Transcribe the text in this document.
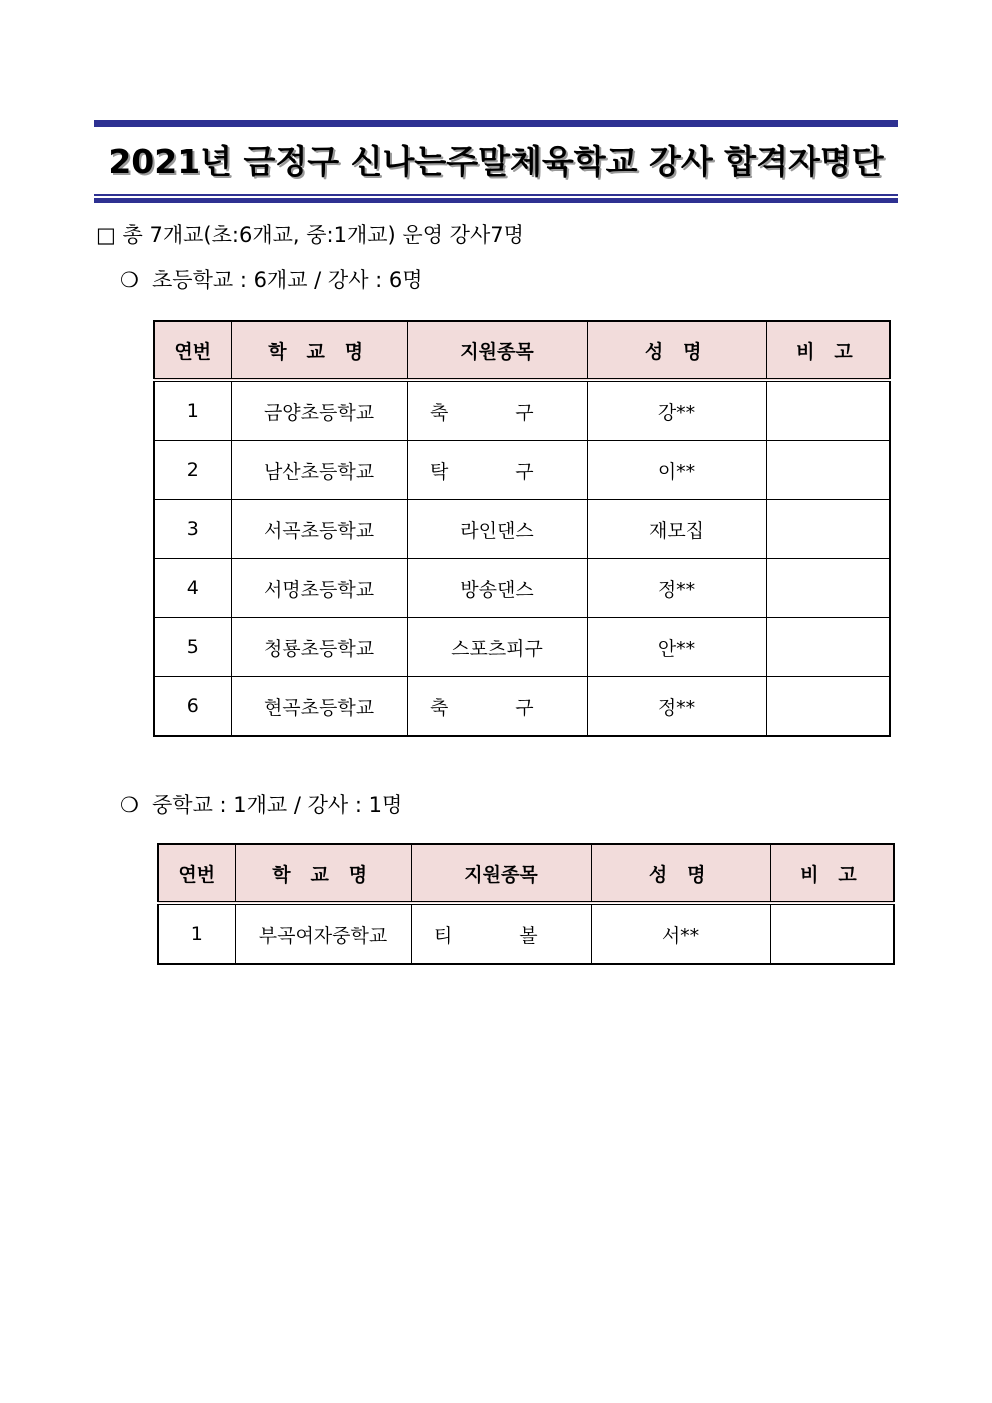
2021년 금정구 신나는주말체육학교 강사 합격자명단
□ 총 7개교(초:6개교, 중:1개교) 운영 강사7명
❍ 초등학교 : 6개교 / 강사 : 6명
연번	학 교 명	지원종목	성 명	비 고
1	금양초등학교	축 구	강**	
2	남산초등학교	탁 구	이**	
3	서곡초등학교	라인댄스	재모집	
4	서명초등학교	방송댄스	정**	
5	청룡초등학교	스포츠피구	안**	
6	현곡초등학교	축 구	정**	
❍ 중학교 : 1개교 / 강사 : 1명
연번	학 교 명	지원종목	성 명	비 고
1	부곡여자중학교	티 볼	서**	
